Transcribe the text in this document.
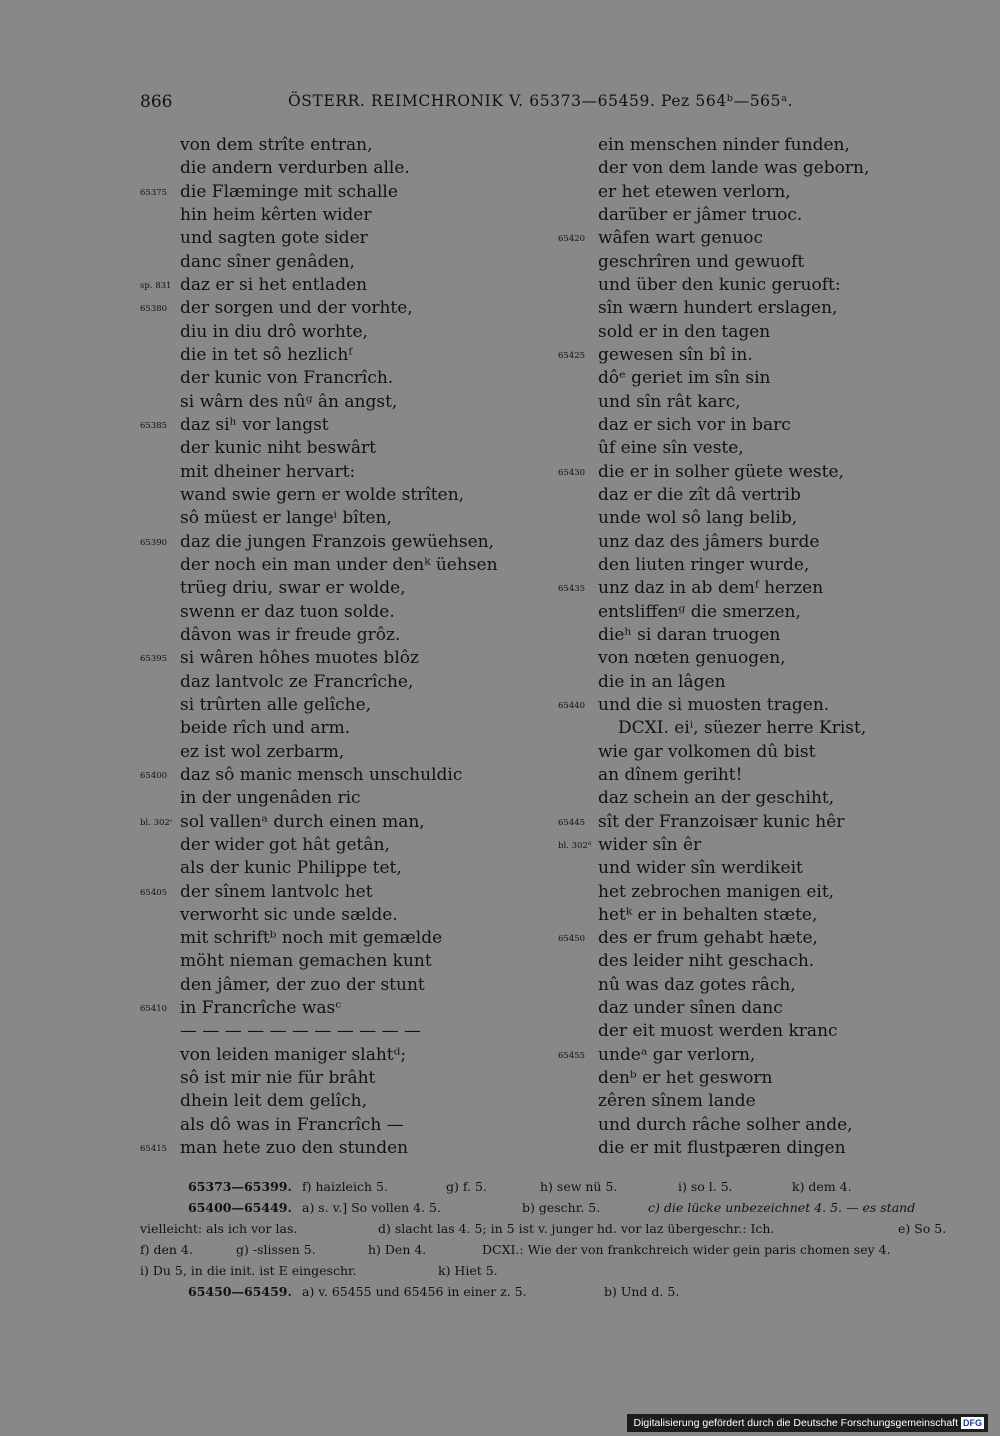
866	ÖSTERR. REIMCHRONIK V. 65373—65459. Pez 564ᵇ—565ᵃ.
von dem strîte entran,
die andern verdurben alle.
65375 die Flæminge mit schalle
hin heim kêrten wider
und sagten gote sider
danc sîner genâden,
sp. 831 daz er si het entladen
65380 der sorgen und der vorhte,
diu in diu drô worhte,
die in tet sô hezlichᶠ
der kunic von Francrîch.
si wârn des nûᵍ ân angst,
65385 daz siʰ vor langst
der kunic niht beswârt
mit dheiner hervart:
wand swie gern er wolde strîten,
sô müest er langeⁱ bîten,
65390 daz die jungen Franzois gewüehsen,
der noch ein man under denᵏ üehsen
trüeg driu, swar er wolde,
swenn er daz tuon solde.
dâvon was ir freude grôz.
65395 si wâren hôhes muotes blôz
daz lantvolc ze Francrîche,
si trûrten alle gelîche,
beide rîch und arm.
ez ist wol zerbarm,
65400 daz sô manic mensch unschuldic
in der ungenâden ric
bl. 302ᶜ sol vallenᵃ durch einen man,
der wider got hât getân,
als der kunic Philippe tet,
65405 der sînem lantvolc het
verworht sic unde sælde.
mit schriftᵇ noch mit gemælde
möht nieman gemachen kunt
den jâmer, der zuo der stunt
65410 in Francrîche wasᶜ
— — — — — — — — — — —
von leiden maniger slahtᵈ;
sô ist mir nie für brâht
dhein leit dem gelîch,
als dô was in Francrîch —
65415 man hete zuo den stunden
ein menschen ninder funden,
der von dem lande was geborn,
er het etewen verlorn,
darüber er jâmer truoc.
65420 wâfen wart genuoc
geschrîren und gewuoft
und über den kunic geruoft:
sîn wærn hundert erslagen,
sold er in den tagen
65425 gewesen sîn bî in.
dôᵉ geriet im sîn sin
und sîn rât karc,
daz er sich vor in barc
ûf eine sîn veste,
65430 die er in solher güete weste,
daz er die zît dâ vertrib
unde wol sô lang belib,
unz daz des jâmers burde
den liuten ringer wurde,
65435 unz daz in ab demᶠ herzen
entsliffenᵍ die smerzen,
dieʰ si daran truogen
von nœten genuogen,
die in an lâgen
65440 und die si muosten tragen.
DCXI. eiⁱ, süezer herre Krist,
wie gar volkomen dû bist
an dînem geriht!
daz schein an der geschiht,
65445 sît der Franzoisær kunic hêr
bl. 302ᵈ wider sîn êr
und wider sîn werdikeit
het zebrochen manigen eit,
hetᵏ er in behalten stæte,
65450 des er frum gehabt hæte,
des leider niht geschach.
nû was daz gotes râch,
daz under sînen danc
der eit muost werden kranc
65455 undeᵃ gar verlorn,
denᵇ er het gesworn
zêren sînem lande
und durch râche solher ande,
die er mit flustpæren dingen
65373—65399. f) haizleich 5.	g) f. 5.	h) sew nü 5.	i) so l. 5.	k) dem 4.
65400—65449. a) s. v.] So vollen 4. 5.	b) geschr. 5.	c) die lücke unbezeichnet 4. 5. — es stand
vielleicht: als ich vor las.	d) slacht las 4. 5; in 5 ist v. junger hd. vor laz übergeschr.: Ich.	e) So 5.
f) den 4.	g) -slissen 5.	h) Den 4.	DCXI.: Wie der von frankchreich wider gein paris chomen sey 4.
i) Du 5, in die init. ist E eingeschr.	k) Hiet 5.
65450—65459. a) v. 65455 und 65456 in einer z. 5.	b) Und d. 5.
Digitalisierung gefördert durch die Deutsche Forschungsgemeinschaft DFG
